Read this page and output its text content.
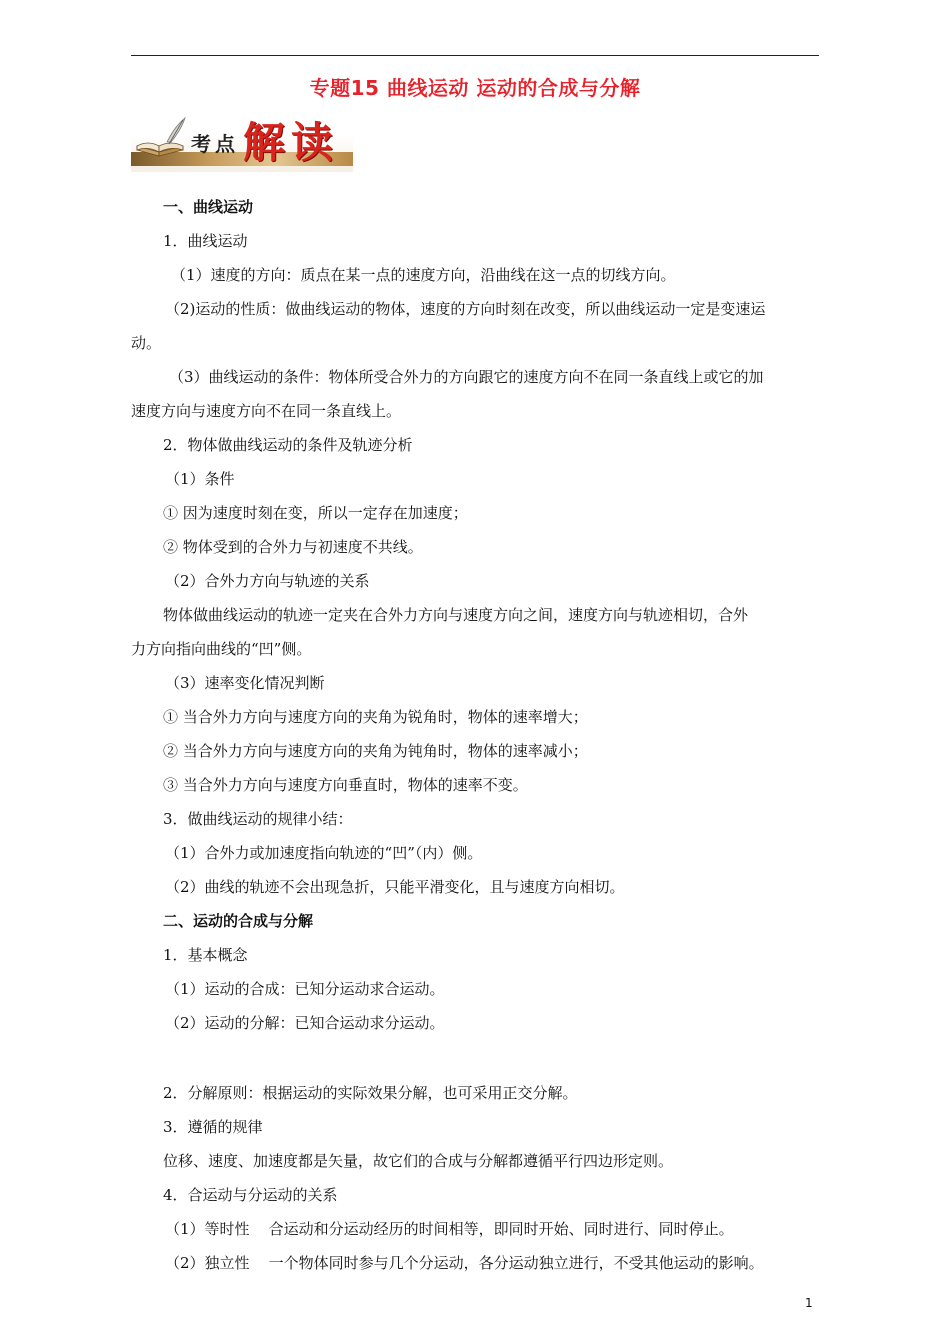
专题15 曲线运动 运动的合成与分解
考 点 解 读

一、曲线运动

1．曲线运动

（1）速度的方向：质点在某一点的速度方向，沿曲线在这一点的切线方向。

（2)运动的性质：做曲线运动的物体，速度的方向时刻在改变，所以曲线运动一定是变速运

动。

（3）曲线运动的条件：物体所受合外力的方向跟它的速度方向不在同一条直线上或它的加

速度方向与速度方向不在同一条直线上。

2．物体做曲线运动的条件及轨迹分析

（1）条件

① 因为速度时刻在变，所以一定存在加速度；

② 物体受到的合外力与初速度不共线。

（2）合外力方向与轨迹的关系

物体做曲线运动的轨迹一定夹在合外力方向与速度方向之间，速度方向与轨迹相切，合外

力方向指向曲线的“凹”侧。

（3）速率变化情况判断

① 当合外力方向与速度方向的夹角为锐角时，物体的速率增大；

② 当合外力方向与速度方向的夹角为钝角时，物体的速率减小；

③ 当合外力方向与速度方向垂直时，物体的速率不变。

3．做曲线运动的规律小结：

（1）合外力或加速度指向轨迹的“凹”（内）侧。

（2）曲线的轨迹不会出现急折，只能平滑变化，且与速度方向相切。

二、运动的合成与分解

1．基本概念

（1）运动的合成：已知分运动求合运动。

（2）运动的分解：已知合运动求分运动。

2．分解原则：根据运动的实际效果分解，也可采用正交分解。

3．遵循的规律

位移、速度、加速度都是矢量，故它们的合成与分解都遵循平行四边形定则。

4．合运动与分运动的关系

（1）等时性    合运动和分运动经历的时间相等，即同时开始、同时进行、同时停止。

（2）独立性    一个物体同时参与几个分运动，各分运动独立进行，不受其他运动的影响。

1
